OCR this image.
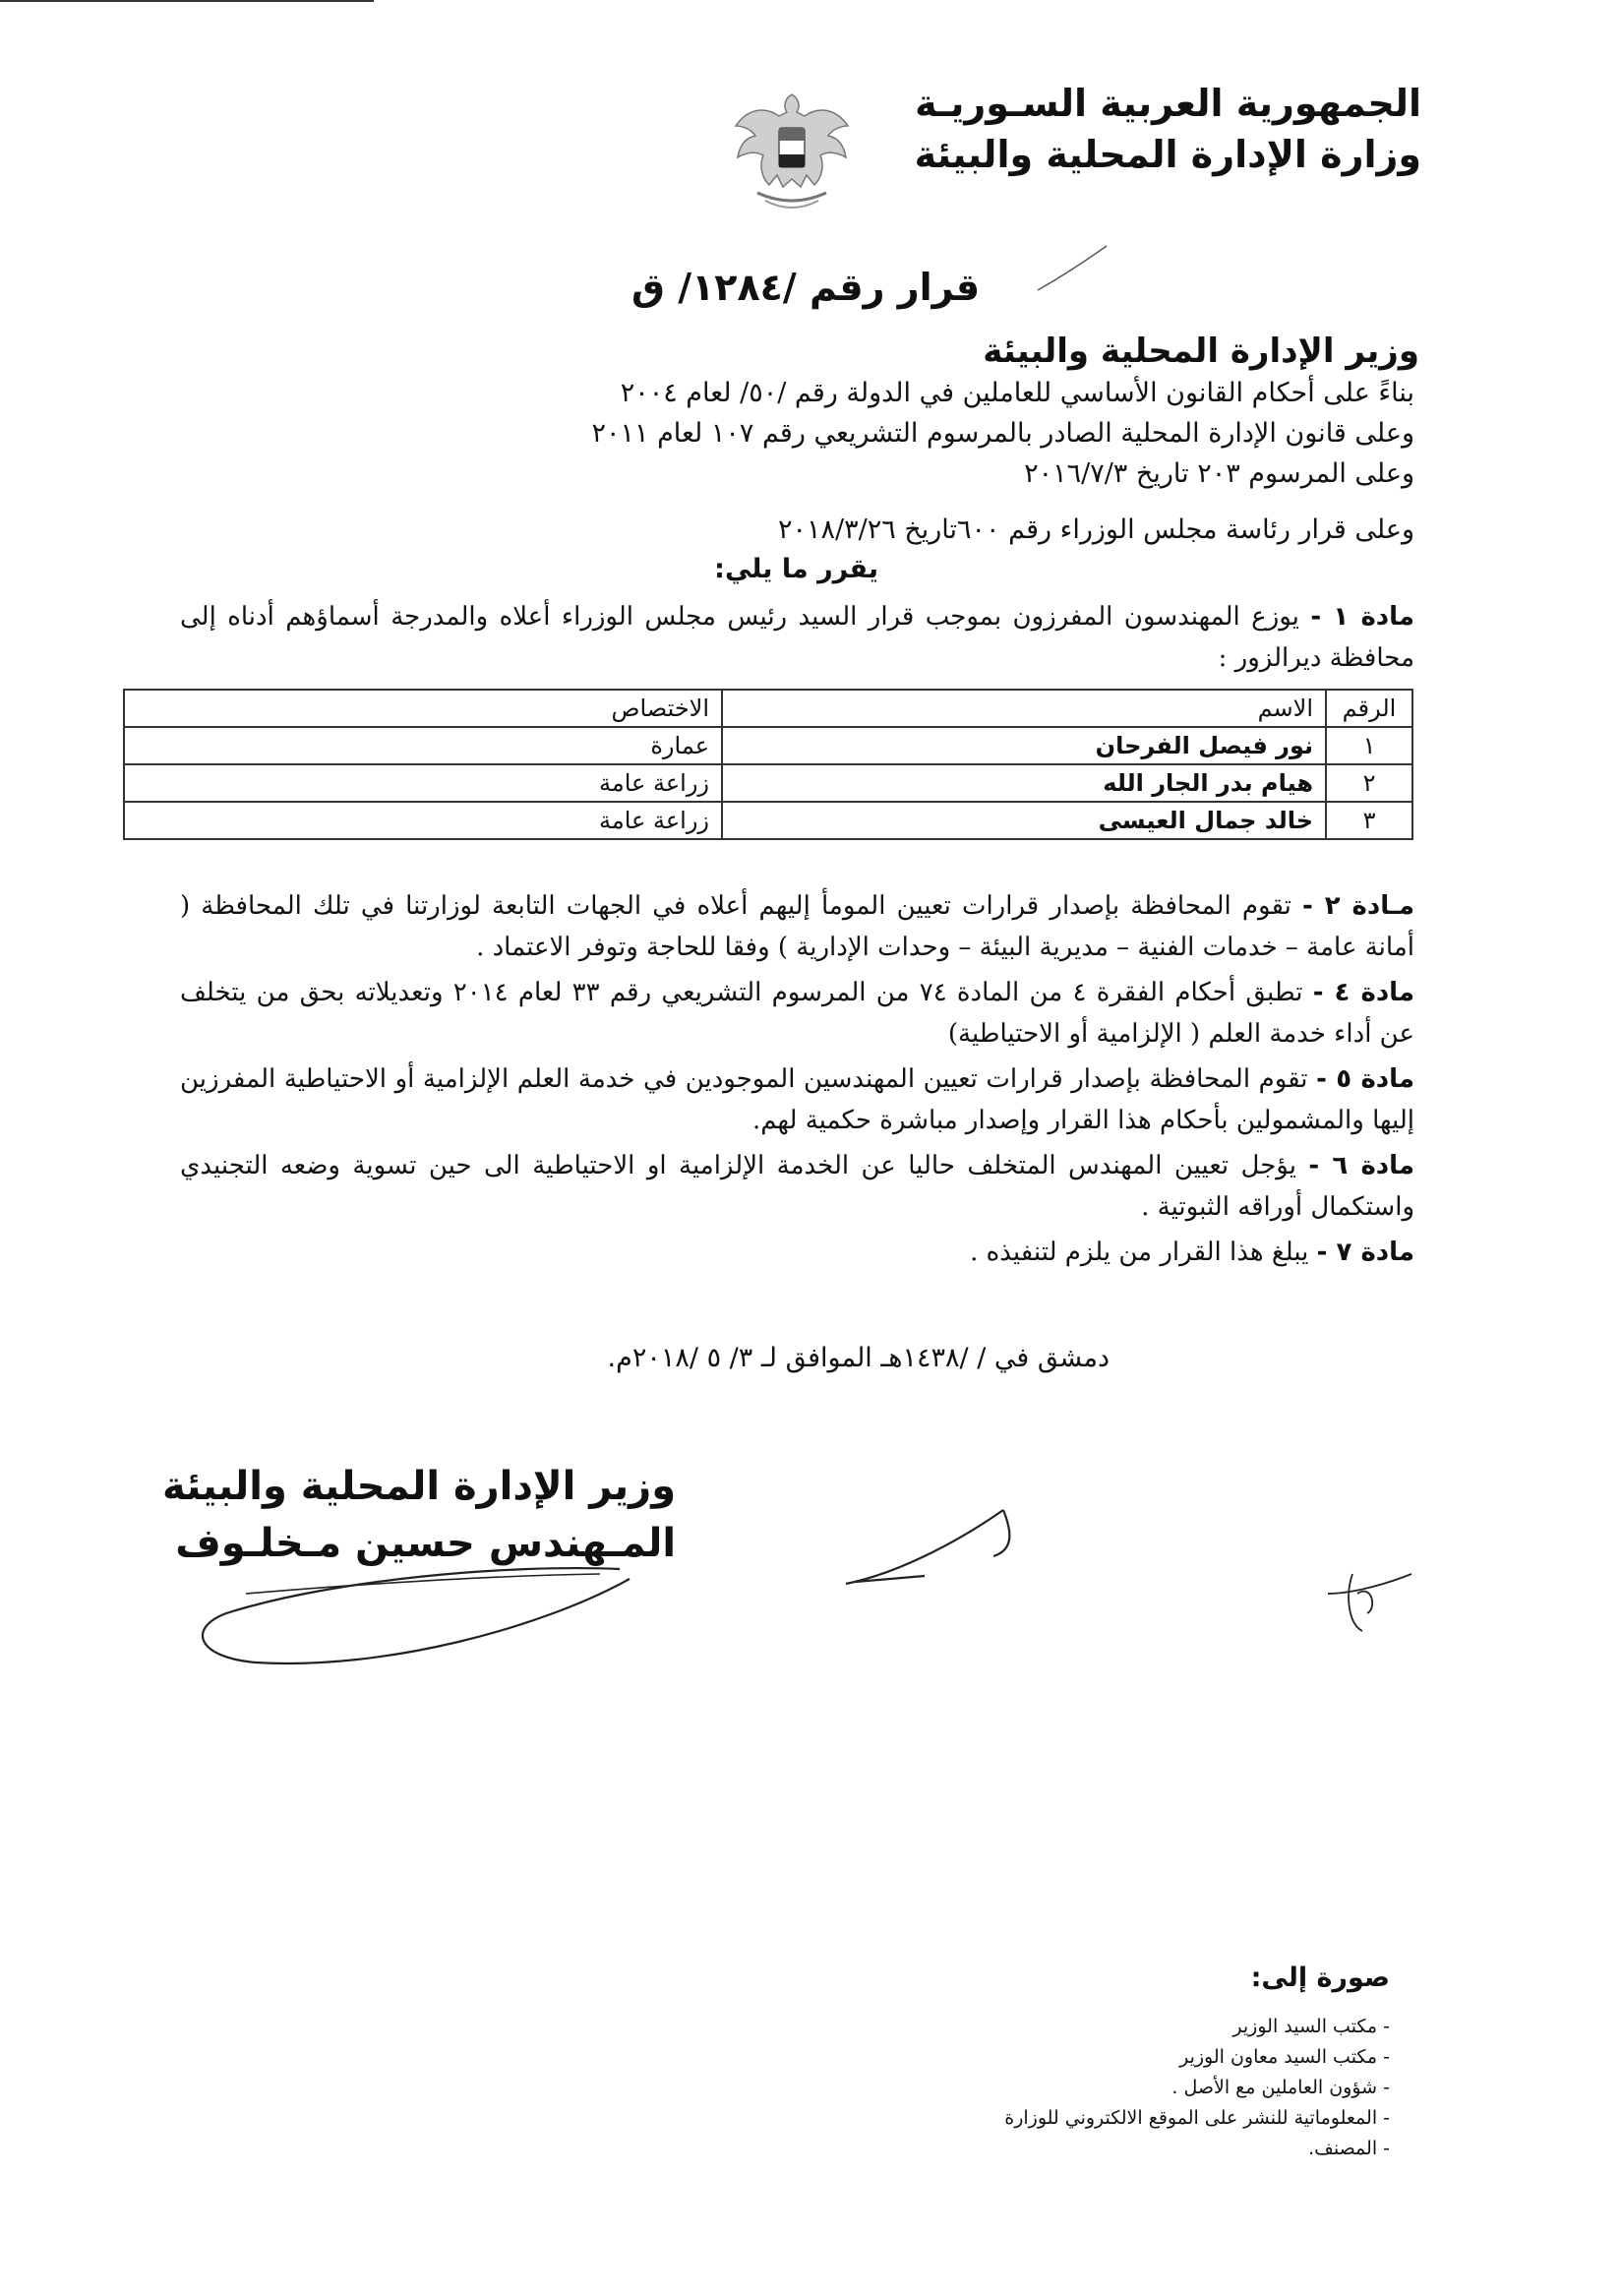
الجمهورية العربية السـوريـة
وزارة الإدارة المحلية والبيئة
قرار رقم /١٢٨٤/ ق
وزير الإدارة المحلية والبيئة
بناءً على أحكام القانون الأساسي للعاملين في الدولة رقم /٥٠/ لعام ٢٠٠٤
وعلى قانون الإدارة المحلية الصادر بالمرسوم التشريعي رقم ١٠٧ لعام ٢٠١١
وعلى المرسوم ٢٠٣ تاريخ ٢٠١٦/٧/٣
وعلى قرار رئاسة مجلس الوزراء رقم ٦٠٠تاريخ ٢٠١٨/٣/٢٦
يقرر ما يلي:
مادة ١ - يوزع المهندسون المفرزون بموجب قرار السيد رئيس مجلس الوزراء أعلاه والمدرجة أسماؤهم أدناه إلى محافظة ديرالزور :
الرقم	الاسم	الاختصاص
١	نور فيصل الفرحان	عمارة
٢	هيام بدر الجار الله	زراعة عامة
٣	خالد جمال العيسى	زراعة عامة
مـادة ٢ - تقوم المحافظة بإصدار قرارات تعيين المومأ إليهم أعلاه في الجهات التابعة لوزارتنا في تلك المحافظة ( أمانة عامة – خدمات الفنية – مديرية البيئة – وحدات الإدارية ) وفقا للحاجة وتوفر الاعتماد .
مادة ٤ - تطبق أحكام الفقرة ٤ من المادة ٧٤ من المرسوم التشريعي رقم ٣٣ لعام ٢٠١٤ وتعديلاته بحق من يتخلف عن أداء خدمة العلم ( الإلزامية أو الاحتياطية)
مادة ٥ - تقوم المحافظة بإصدار قرارات تعيين المهندسين الموجودين في خدمة العلم الإلزامية أو الاحتياطية المفرزين إليها والمشمولين بأحكام هذا القرار وإصدار مباشرة حكمية لهم.
مادة ٦ - يؤجل تعيين المهندس المتخلف حاليا عن الخدمة الإلزامية او الاحتياطية الى حين تسوية وضعه التجنيدي واستكمال أوراقه الثبوتية .
مادة ٧ - يبلغ هذا القرار من يلزم لتنفيذه .
دمشق في / /١٤٣٨هـ الموافق لـ ٣/ ٥ /٢٠١٨م.
وزير الإدارة المحلية والبيئة
المـهندس حسين مـخلـوف
صورة إلى:
- مكتب السيد الوزير
- مكتب السيد معاون الوزير
- شؤون العاملين مع الأصل .
- المعلوماتية للنشر على الموقع الالكتروني للوزارة
- المصنف.
